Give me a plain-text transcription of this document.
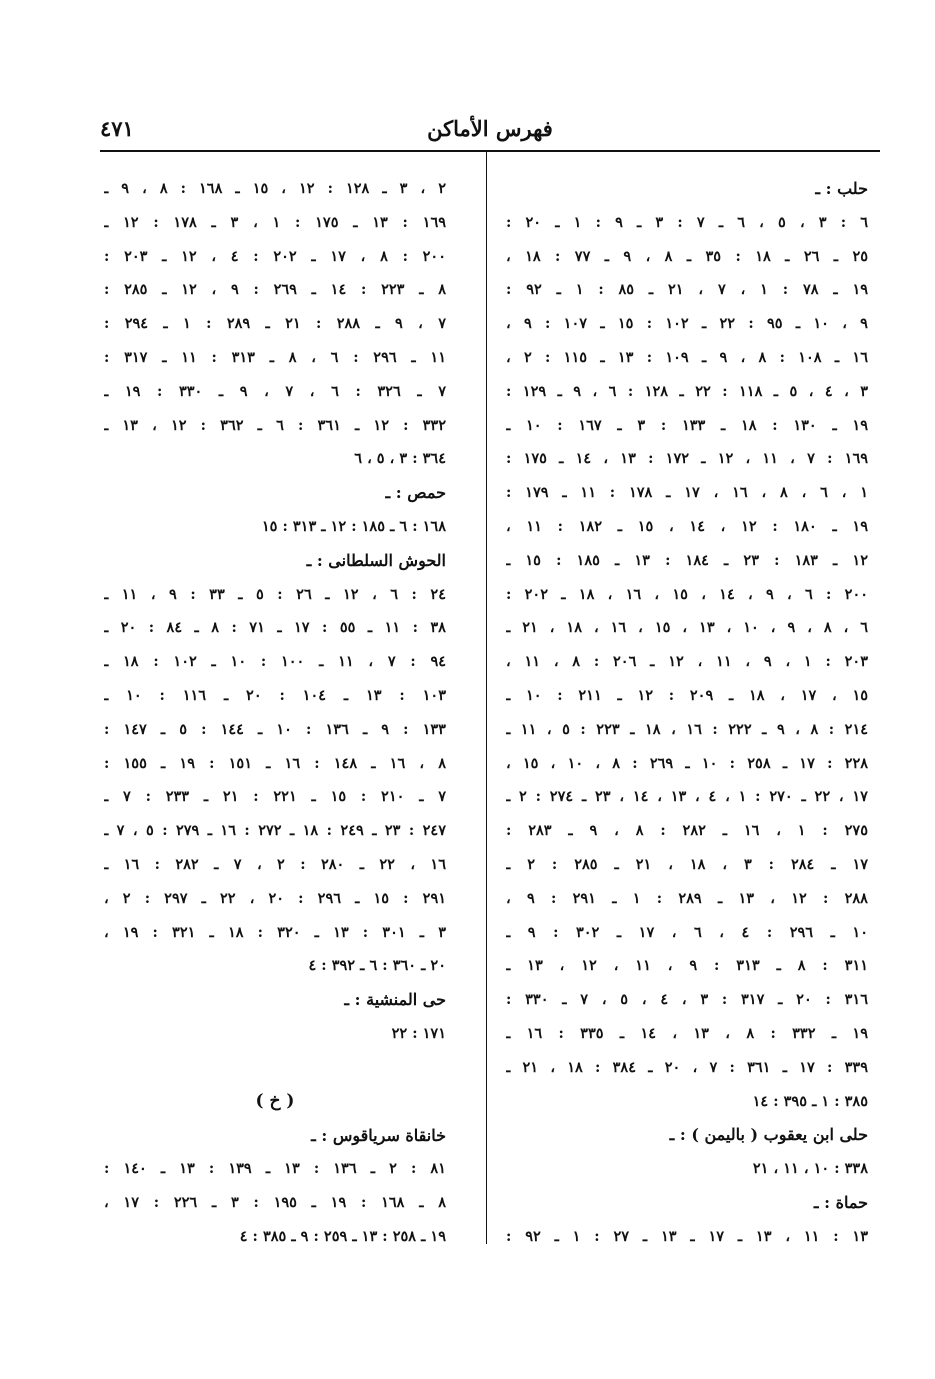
فهرس الأماكن
٤٧١
حلب : ـ
٦ : ٣ ، ٥ ، ٦ ـ ٧ : ٣ ـ ٩ : ١ ـ ٢٠ :
٢٥ ـ ٢٦ ـ ١٨ : ٣٥ ـ ٨ ، ٩ ـ ٧٧ : ١٨ ،
١٩ ـ ٧٨ : ١ ، ٧ ، ٢١ ـ ٨٥ : ١ ـ ٩٢ :
٩ ، ١٠ ـ ٩٥ : ٢٢ ـ ١٠٢ : ١٥ ـ ١٠٧ : ٩ ،
١٦ ـ ١٠٨ : ٨ ، ٩ ـ ١٠٩ : ١٣ ـ ١١٥ : ٢ ،
٣ ، ٤ ، ٥ ـ ١١٨ : ٢٢ ـ ١٢٨ : ٦ ، ٩ ـ ١٢٩ :
١٩ ـ ١٣٠ : ١٨ ـ ١٣٣ : ٣ ـ ١٦٧ : ١٠ ـ
١٦٩ : ٧ ، ١١ ، ١٢ ـ ١٧٢ : ١٣ ، ١٤ ـ ١٧٥ :
١ ، ٦ ، ٨ ، ١٦ ، ١٧ ـ ١٧٨ : ١١ ـ ١٧٩ :
١٩ ـ ١٨٠ : ١٢ ، ١٤ ، ١٥ ـ ١٨٢ : ١١ ،
١٢ ـ ١٨٣ : ٢٣ ـ ١٨٤ : ١٣ ـ ١٨٥ : ١٥ ـ
٢٠٠ : ٦ ، ٩ ، ١٤ ، ١٥ ، ١٦ ، ١٨ ـ ٢٠٢ :
٦ ، ٨ ، ٩ ، ١٠ ، ١٣ ، ١٥ ، ١٦ ، ١٨ ، ٢١ ـ
٢٠٣ : ١ ، ٩ ، ١١ ، ١٢ ـ ٢٠٦ : ٨ ، ١١ ،
١٥ ، ١٧ ، ١٨ ـ ٢٠٩ : ١٢ ـ ٢١١ : ١٠ ـ
٢١٤ : ٨ ، ٩ ـ ٢٢٢ : ١٦ ، ١٨ ـ ٢٢٣ : ٥ ، ١١ ـ
٢٢٨ : ١٧ ـ ٢٥٨ : ١٠ ـ ٢٦٩ : ٨ ، ١٠ ، ١٥ ،
١٧ ، ٢٢ ـ ٢٧٠ : ١ ، ٤ ، ١٣ ، ١٤ ، ٢٣ ـ ٢٧٤ : ٢ ـ
٢٧٥ : ١ ، ١٦ ـ ٢٨٢ : ٨ ، ٩ ـ ٢٨٣ :
١٧ ـ ٢٨٤ : ٣ ، ١٨ ، ٢١ ـ ٢٨٥ : ٢ ـ
٢٨٨ : ١٢ ، ١٣ ـ ٢٨٩ : ١ ـ ٢٩١ : ٩ ،
١٠ ـ ٢٩٦ : ٤ ، ٦ ، ١٧ ـ ٣٠٢ : ٩ ـ
٣١١ : ٨ ـ ٣١٣ : ٩ ، ١١ ، ١٢ ، ١٣ ـ
٣١٦ : ٢٠ ـ ٣١٧ : ٣ ، ٤ ، ٥ ، ٧ ـ ٣٣٠ :
١٩ ـ ٣٣٢ : ٨ ، ١٣ ، ١٤ ـ ٣٣٥ : ١٦ ـ
٣٣٩ : ١٧ ـ ٣٦١ : ٧ ، ٢٠ ـ ٣٨٤ : ١٨ ، ٢١ ـ
٣٨٥ : ١ ـ ٣٩٥ : ١٤
حلى ابن يعقوب ( باليمن ) : ـ
٣٣٨ : ١٠ ، ١١ ، ٢١
حماة : ـ
١٣ : ١١ ، ١٣ ـ ١٧ ـ ١٣ ـ ٢٧ : ١ ـ ٩٢ :
٢ ، ٣ ـ ١٢٨ : ١٢ ، ١٥ ـ ١٦٨ : ٨ ، ٩ ـ
١٦٩ : ١٣ ـ ١٧٥ : ١ ، ٣ ـ ١٧٨ : ١٢ ـ
٢٠٠ : ٨ ، ١٧ ـ ٢٠٢ : ٤ ، ١٢ ـ ٢٠٣ :
٨ ـ ٢٢٣ : ١٤ ـ ٢٦٩ : ٩ ، ١٢ ـ ٢٨٥ :
٧ ، ٩ ـ ٢٨٨ : ٢١ ـ ٢٨٩ : ١ ـ ٢٩٤ :
١١ ـ ٢٩٦ : ٦ ، ٨ ـ ٣١٣ : ١١ ـ ٣١٧ :
٧ ـ ٣٢٦ : ٦ ، ٧ ، ٩ ـ ٣٣٠ : ١٩ ـ
٣٣٢ : ١٢ ـ ٣٦١ : ٦ ـ ٣٦٢ : ١٢ ، ١٣ ـ
٣٦٤ : ٣ ، ٥ ، ٦
حمص : ـ
١٦٨ : ٦ ـ ١٨٥ : ١٢ ـ ٣١٣ : ١٥
الحوش السلطانى : ـ
٢٤ : ٦ ، ١٢ ـ ٢٦ : ٥ ـ ٣٣ : ٩ ، ١١ ـ
٣٨ : ١١ ـ ٥٥ : ١٧ ـ ٧١ : ٨ ـ ٨٤ : ٢٠ ـ
٩٤ : ٧ ، ١١ ـ ١٠٠ : ١٠ ـ ١٠٢ : ١٨ ـ
١٠٣ : ١٣ ـ ١٠٤ : ٢٠ ـ ١١٦ : ١٠ ـ
١٣٣ : ٩ ـ ١٣٦ : ١٠ ـ ١٤٤ : ٥ ـ ١٤٧ :
٨ ، ١٦ ـ ١٤٨ : ١٦ ـ ١٥١ : ١٩ ـ ١٥٥ :
٧ ـ ٢١٠ : ١٥ ـ ٢٢١ : ٢١ ـ ٢٣٣ : ٧ ـ
٢٤٧ : ٢٣ ـ ٢٤٩ : ١٨ ـ ٢٧٢ : ١٦ ـ ٢٧٩ : ٥ ، ٧ ـ
١٦ ، ٢٢ ـ ٢٨٠ : ٢ ، ٧ ـ ٢٨٢ : ١٦ ـ
٢٩١ : ١٥ ـ ٢٩٦ : ٢٠ ، ٢٢ ـ ٢٩٧ : ٢ ،
٣ ـ ٣٠١ : ١٣ ـ ٣٢٠ : ١٨ ـ ٣٢١ : ١٩ ،
٢٠ ـ ٣٦٠ : ٦ ـ ٣٩٢ : ٤
حى المنشية : ـ
١٧١ : ٢٢
( خ )
خانقاة سرياقوس : ـ
٨١ : ٢ ـ ١٣٦ : ١٣ ـ ١٣٩ : ١٣ ـ ١٤٠ :
٨ ـ ١٦٨ : ١٩ ـ ١٩٥ : ٣ ـ ٢٢٦ : ١٧ ،
١٩ ـ ٢٥٨ : ١٣ ـ ٢٥٩ : ٩ ـ ٣٨٥ : ٤
